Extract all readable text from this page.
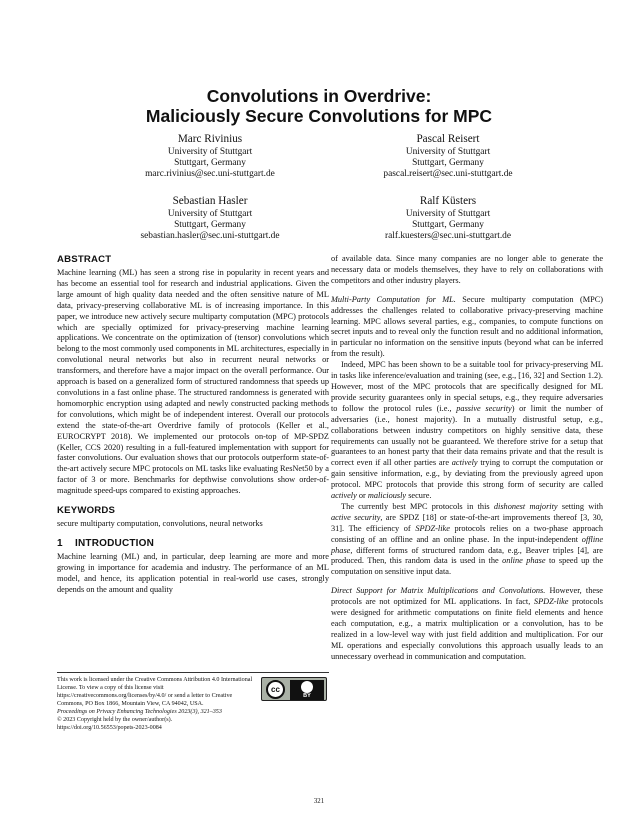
Convolutions in Overdrive:
Maliciously Secure Convolutions for MPC
Marc Rivinius
University of Stuttgart
Stuttgart, Germany
marc.rivinius@sec.uni-stuttgart.de
Pascal Reisert
University of Stuttgart
Stuttgart, Germany
pascal.reisert@sec.uni-stuttgart.de
Sebastian Hasler
University of Stuttgart
Stuttgart, Germany
sebastian.hasler@sec.uni-stuttgart.de
Ralf Küsters
University of Stuttgart
Stuttgart, Germany
ralf.kuesters@sec.uni-stuttgart.de
ABSTRACT

Machine learning (ML) has seen a strong rise in popularity in recent years and has become an essential tool for research and industrial applications. Given the large amount of high quality data needed and the often sensitive nature of ML data, privacy-preserving collaborative ML is of increasing importance. In this paper, we introduce new actively secure multiparty computation (MPC) protocols which are specially optimized for privacy-preserving machine learning applications. We concentrate on the optimization of (tensor) convolutions which belong to the most commonly used components in ML architectures, especially in convolutional neural networks but also in recurrent neural networks or transformers, and therefore have a major impact on the overall performance. Our approach is based on a generalized form of structured randomness that speeds up convolutions in a fast online phase. The structured randomness is generated with homomorphic encryption using adapted and newly constructed packing methods for convolutions, which might be of independent interest. Overall our protocols extend the state-of-the-art Overdrive family of protocols (Keller et al., EUROCRYPT 2018). We implemented our protocols on-top of MP-SPDZ (Keller, CCS 2020) resulting in a full-featured implementation with support for faster convolutions. Our evaluation shows that our protocols outperform state-of-the-art actively secure MPC protocols on ML tasks like evaluating ResNet50 by a factor of 3 or more. Benchmarks for depthwise convolutions show order-of-magnitude speed-ups compared to existing approaches.

KEYWORDS

secure multiparty computation, convolutions, neural networks

1 INTRODUCTION

Machine learning (ML) and, in particular, deep learning are more and more growing in importance for academia and industry. The performance of an ML model, and hence, its application potential in real-world use cases, strongly depends on the amount and quality

of available data. Since many companies are no longer able to generate the necessary data or models themselves, they have to rely on collaborations with competitors and other industry players.

Multi-Party Computation for ML. Secure multiparty computation (MPC) addresses the challenges related to collaborative privacy-preserving machine learning. MPC allows several parties, e.g., companies, to compute functions on secret inputs and to reveal only the function result and no additional information, in particular no information on the sensitive inputs (beyond what can be inferred from the result).

Indeed, MPC has been shown to be a suitable tool for privacy-preserving ML in tasks like inference/evaluation and training (see, e.g., [16, 32] and Section 1.2). However, most of the MPC protocols that are specifically designed for ML provide security guarantees only in special setups, e.g., they require adversaries to follow the protocol rules (i.e., passive security) or limit the number of adversaries (i.e., honest majority). In a mutually distrustful setup, e.g., collaborations between industry competitors on highly sensitive data, these requirements can usually not be guaranteed. We therefore strive for a setup that guarantees to an honest party that their data remains private and that the result is correct even if all other parties are actively trying to corrupt the computation or gain sensitive information, e.g., by deviating from the previously agreed upon protocol. MPC protocols that provide this strong form of security are called actively or maliciously secure.

The currently best MPC protocols in this dishonest majority setting with active security, are SPDZ [18] or state-of-the-art improvements thereof [3, 30, 31]. The efficiency of SPDZ-like protocols relies on a two-phase approach consisting of an offline and an online phase. In the input-independent offline phase, different forms of structured random data, e.g., Beaver triples [4], are produced. Then, this random data is used in the online phase to speed up the computation on sensitive input data.

Direct Support for Matrix Multiplications and Convolutions. However, these protocols are not optimized for ML applications. In fact, SPDZ-like protocols were designed for arithmetic computations on finite field elements and hence each computation, e.g., a matrix multiplication or a convolution, has to be realized in a low-level way with just field addition and multiplication. For our ML operations and especially convolutions this approach usually leads to an unnecessary overhead in communication and computation.

This work is licensed under the Creative Commons Attribution 4.0 International License. To view a copy of this license visit https://creativecommons.org/licenses/by/4.0/ or send a letter to Creative Commons, PO Box 1866, Mountain View, CA 94042, USA.
Proceedings on Privacy Enhancing Technologies 2023(3), 321–353
© 2023 Copyright held by the owner/author(s).
https://doi.org/10.56553/popets-2023-0084
cc
BY
321
